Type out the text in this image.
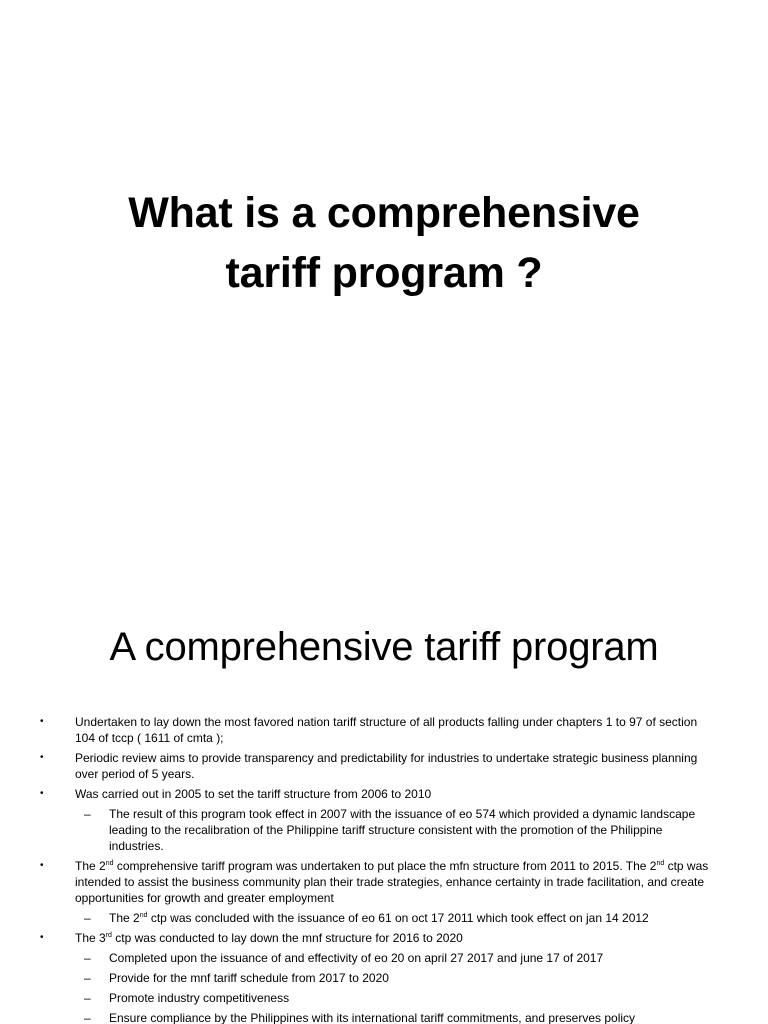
What is a comprehensive
tariff program ?
A comprehensive tariff program
•	Undertaken to lay down the most favored nation tariff structure of all products falling under chapters 1 to 97 of section 104 of tccp ( 1611 of cmta );
•	Periodic review aims to provide transparency and predictability for industries to undertake strategic business planning over period of 5 years.
•	Was carried out in 2005 to set the tariff structure from 2006 to 2010
– The result of this program took effect in 2007 with the issuance of eo 574 which provided a dynamic landscape leading to the recalibration of the Philippine tariff structure consistent with the promotion of the Philippine industries.
•	The 2nd comprehensive tariff program was undertaken to put place the mfn structure from 2011 to 2015. The 2nd ctp was intended to assist the business community plan their trade strategies, enhance certainty in trade facilitation, and create opportunities for growth and greater employment
– The 2nd ctp was concluded with the issuance of eo 61 on oct 17 2011 which took effect on jan 14 2012
•	The 3rd ctp was conducted to lay down the mnf structure for 2016 to 2020
– Completed upon the issuance of and effectivity of eo 20 on april 27 2017 and june 17 of 2017
– Provide for the mnf tariff schedule from 2017 to 2020
– Promote industry competitiveness
– Ensure compliance by the Philippines with its international tariff commitments, and preserves policy
